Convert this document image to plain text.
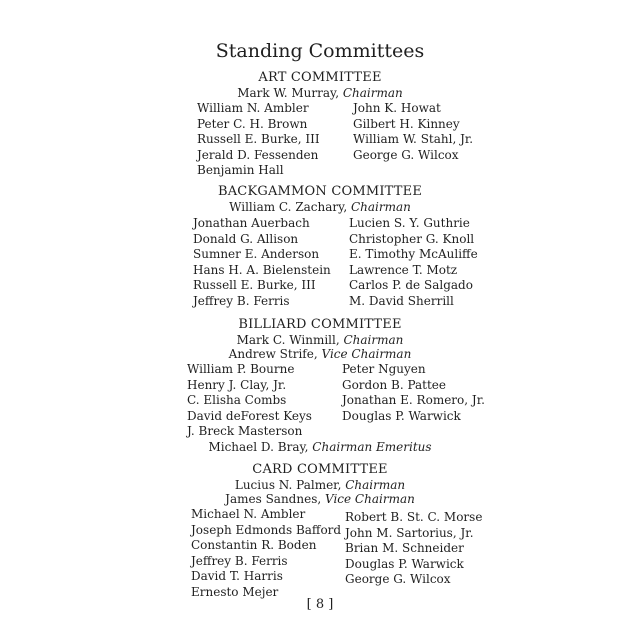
Standing Committees
ART COMMITTEE
Mark W. Murray, Chairman
William N. Ambler
Peter C. H. Brown
Russell E. Burke, III
Jerald D. Fessenden
Benjamin Hall
John K. Howat
Gilbert H. Kinney
William W. Stahl, Jr.
George G. Wilcox
BACKGAMMON COMMITTEE
William C. Zachary, Chairman
Jonathan Auerbach
Donald G. Allison
Sumner E. Anderson
Hans H. A. Bielenstein
Russell E. Burke, III
Jeffrey B. Ferris
Lucien S. Y. Guthrie
Christopher G. Knoll
E. Timothy McAuliffe
Lawrence T. Motz
Carlos P. de Salgado
M. David Sherrill
BILLIARD COMMITTEE
Mark C. Winmill, Chairman
Andrew Strife, Vice Chairman
William P. Bourne
Henry J. Clay, Jr.
C. Elisha Combs
David deForest Keys
J. Breck Masterson
Peter Nguyen
Gordon B. Pattee
Jonathan E. Romero, Jr.
Douglas P. Warwick
Michael D. Bray, Chairman Emeritus
CARD COMMITTEE
Lucius N. Palmer, Chairman
James Sandnes, Vice Chairman
Michael N. Ambler
Joseph Edmonds Bafford
Constantin R. Boden
Jeffrey B. Ferris
David T. Harris
Ernesto Mejer
Robert B. St. C. Morse
John M. Sartorius, Jr.
Brian M. Schneider
Douglas P. Warwick
George G. Wilcox
[ 8 ]
